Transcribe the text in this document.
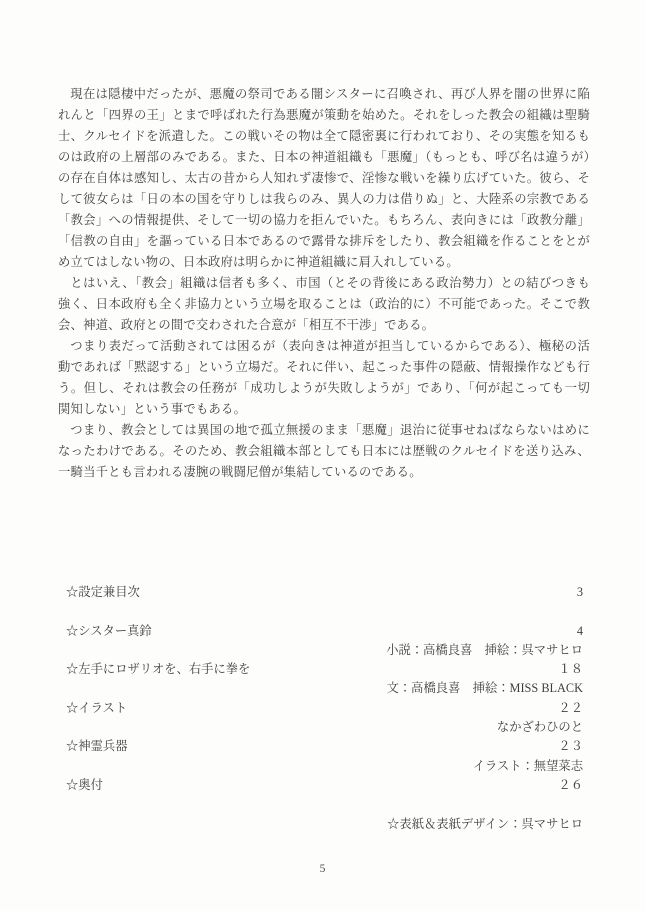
現在は隠棲中だったが、悪魔の祭司である闇シスターに召喚され、再び人界を闇の世界に陥れんと「四界の王」とまで呼ばれた行為悪魔が策動を始めた。それをしった教会の組織は聖騎士、クルセイドを派遣した。この戦いその物は全て隠密裏に行われており、その実態を知るものは政府の上層部のみである。また、日本の神道組織も「悪魔」（もっとも、呼び名は違うが）の存在自体は感知し、太古の昔から人知れず凄惨で、淫惨な戦いを繰り広げていた。彼ら、そして彼女らは「日の本の国を守りしは我らのみ、異人の力は借りぬ」と、大陸系の宗教である「教会」への情報提供、そして一切の協力を拒んでいた。もちろん、表向きには「政教分離」「信教の自由」を謳っている日本であるので露骨な排斥をしたり、教会組織を作ることをとがめ立てはしない物の、日本政府は明らかに神道組織に肩入れしている。

とはいえ、「教会」組織は信者も多く、市国（とその背後にある政治勢力）との結びつきも強く、日本政府も全く非協力という立場を取ることは（政治的に）不可能であった。そこで教会、神道、政府との間で交わされた合意が「相互不干渉」である。

つまり表だって活動されては困るが（表向きは神道が担当しているからである）、極秘の活動であれば「黙認する」という立場だ。それに伴い、起こった事件の隠蔽、情報操作なども行う。但し、それは教会の任務が「成功しようが失敗しようが」であり、「何が起こっても一切関知しない」という事でもある。

つまり、教会としては異国の地で孤立無援のまま「悪魔」退治に従事せねばならないはめになったわけである。そのため、教会組織本部としても日本には歴戦のクルセイドを送り込み、一騎当千とも言われる凄腕の戦闘尼僧が集結しているのである。

☆設定兼目次	3
☆シスター真鈴	4
小説：高橋良喜　挿絵：呉マサヒロ
☆左手にロザリオを、右手に拳を	１８
文：高橋良喜　挿絵：MISS BLACK
☆イラスト	２２
なかざわひのと
☆神霊兵器	２３
イラスト：無望菜志
☆奥付	２６
☆表紙＆表紙デザイン：呉マサヒロ
5
